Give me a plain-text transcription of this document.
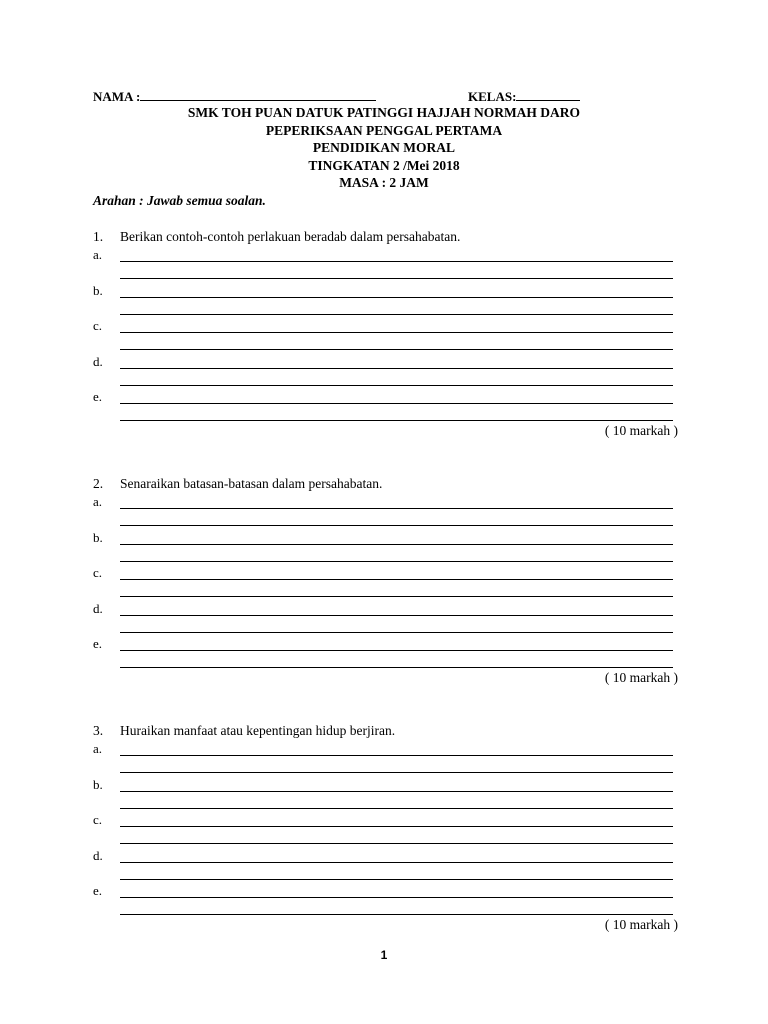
NAMA :	KELAS:
SMK TOH PUAN DATUK PATINGGI HAJJAH NORMAH DARO
PEPERIKSAAN PENGGAL PERTAMA
PENDIDIKAN MORAL
TINGKATAN 2 /Mei 2018
MASA : 2 JAM
Arahan : Jawab semua soalan.
1. Berikan contoh-contoh perlakuan beradab dalam persahabatan.
a.
b.
c.
d.
e.
( 10 markah )
2. Senaraikan batasan-batasan dalam persahabatan.
a.
b.
c.
d.
e.
( 10 markah )
3. Huraikan manfaat atau kepentingan hidup berjiran.
a.
b.
c.
d.
e.
( 10 markah )
1
